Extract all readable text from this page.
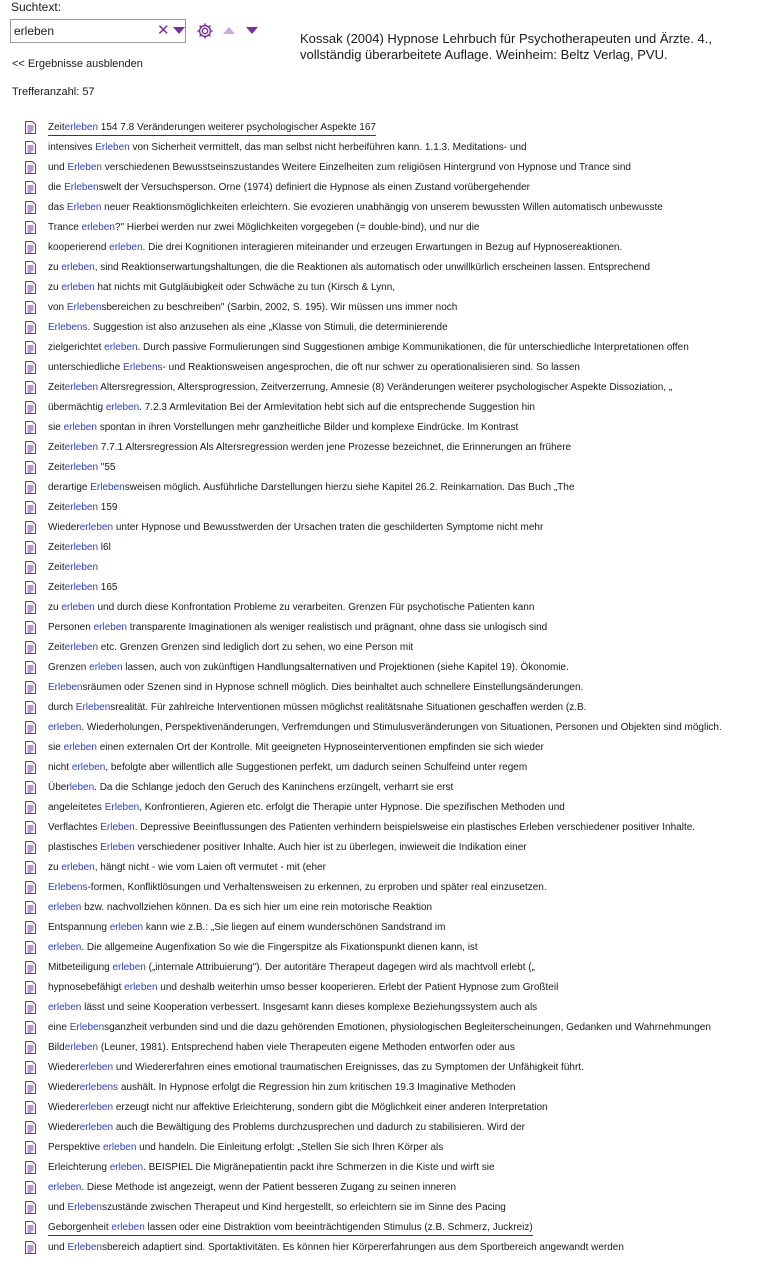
Suchtext:
erleben
✕	Kossak (2004) Hypnose Lehrbuch für Psychotherapeuten und Ärzte. 4., vollständig überarbeitete Auflage. Weinheim: Beltz Verlag, PVU.
<< Ergebnisse ausblenden
Trefferanzahl: 57
Zeiterleben 154 7.8 Veränderungen weiterer psychologischer Aspekte 167
intensives Erleben von Sicherheit vermittelt, das man selbst nicht herbeiführen kann. 1.1.3. Meditations- und
und Erleben verschiedenen Bewusstseinszustandes Weitere Einzelheiten zum religiösen Hintergrund von Hypnose und Trance sind
die Erlebenswelt der Versuchsperson. Orne (1974) definiert die Hypnose als einen Zustand vorübergehender
das Erleben neuer Reaktionsmöglichkeiten erleichtern. Sie evozieren unabhängig von unserem bewussten Willen automatisch unbewusste
Trance erleben?" Hierbei werden nur zwei Möglichkeiten vorgegeben (= double-bind), und nur die
kooperierend erleben. Die drei Kognitionen interagieren miteinander und erzeugen Erwartungen in Bezug auf Hypnosereaktionen.
zu erleben, sind Reaktionserwartungshaltungen, die die Reaktionen als automatisch oder unwillkürlich erscheinen lassen. Entsprechend
zu erleben hat nichts mit Gutgläubigkeit oder Schwäche zu tun (Kirsch & Lynn,
von Erlebensbereichen zu beschreiben" (Sarbin, 2002, S. 195). Wir müssen uns immer noch
Erlebens. Suggestion ist also anzusehen als eine „Klasse von Stimuli, die determinierende
zielgerichtet erleben. Durch passive Formulierungen sind Suggestionen ambige Kommunikationen, die für unterschiedliche Interpretationen offen
unterschiedliche Erlebens- und Reaktionsweisen angesprochen, die oft nur schwer zu operationalisieren sind. So lassen
Zeiterleben Altersregression, Altersprogression, Zeitverzerrung, Amnesie (8) Veränderungen weiterer psychologischer Aspekte Dissoziation, „
übermächtig erleben. 7.2.3 Armlevitation Bei der Armlevitation hebt sich auf die entsprechende Suggestion hin
sie erleben spontan in ihren Vorstellungen mehr ganzheitliche Bilder und komplexe Eindrücke. Im Kontrast
Zeiterleben 7.7.1 Altersregression Als Altersregression werden jene Prozesse bezeichnet, die Erinnerungen an frühere
Zeiterleben "55
derartige Erlebensweisen möglich. Ausführliche Darstellungen hierzu siehe Kapitel 26.2. Reinkarnation. Das Buch „The
Zeiterleben 159
Wiedererleben unter Hypnose und Bewusstwerden der Ursachen traten die geschilderten Symptome nicht mehr
Zeiterleben l6l
Zeiterleben
Zeiterleben 165
zu erleben und durch diese Konfrontation Probleme zu verarbeiten. Grenzen Für psychotische Patienten kann
Personen erleben transparente Imaginationen als weniger realistisch und prägnant, ohne dass sie unlogisch sind
Zeiterleben etc. Grenzen Grenzen sind lediglich dort zu sehen, wo eine Person mit
Grenzen erleben lassen, auch von zukünftigen Handlungsalternativen und Projektionen (siehe Kapitel 19). Ökonomie.
Erlebensräumen oder Szenen sind in Hypnose schnell möglich. Dies beinhaltet auch schnellere Einstellungsänderungen.
durch Erlebensrealität. Für zahlreiche Interventionen müssen möglichst realitätsnahe Situationen geschaffen werden (z.B.
erleben. Wiederholungen, Perspektivenänderungen, Verfremdungen und Stimulusveränderungen von Situationen, Personen und Objekten sind möglich.
sie erleben einen externalen Ort der Kontrolle. Mit geeigneten Hypnoseinterventionen empfinden sie sich wieder
nicht erleben, befolgte aber willentlich alle Suggestionen perfekt, um dadurch seinen Schulfeind unter regem
Überleben. Da die Schlange jedoch den Geruch des Kaninchens erzüngelt, verharrt sie erst
angeleitetes Erleben, Konfrontieren, Agieren etc. erfolgt die Therapie unter Hypnose. Die spezifischen Methoden und
Verflachtes Erleben. Depressive Beeinflussungen des Patienten verhindern beispielsweise ein plastisches Erleben verschiedener positiver Inhalte.
plastisches Erleben verschiedener positiver Inhalte. Auch hier ist zu überlegen, inwieweit die Indikation einer
zu erleben, hängt nicht - wie vom Laien oft vermutet - mit (eher
Erlebens-formen, Konfliktlösungen und Verhaltensweisen zu erkennen, zu erproben und später real einzusetzen.
erleben bzw. nachvollziehen können. Da es sich hier um eine rein motorische Reaktion
Entspannung erleben kann wie z.B.: „Sie liegen auf einem wunderschönen Sandstrand im
erleben. Die allgemeine Augenfixation So wie die Fingerspitze als Fixationspunkt dienen kann, ist
Mitbeteiligung erleben („internale Attribuierung"). Der autoritäre Therapeut dagegen wird als machtvoll erlebt („
hypnosebefähigt erleben und deshalb weiterhin umso besser kooperieren. Erlebt der Patient Hypnose zum Großteil
erleben lässt und seine Kooperation verbessert. Insgesamt kann dieses komplexe Beziehungssystem auch als
eine Erlebensganzheit verbunden sind und die dazu gehörenden Emotionen, physiologischen Begleiterscheinungen, Gedanken und Wahrnehmungen
Bilderleben (Leuner, 1981). Entsprechend haben viele Therapeuten eigene Methoden entworfen oder aus
Wiedererleben und Wiedererfahren eines emotional traumatischen Ereignisses, das zu Symptomen der Unfähigkeit führt.
Wiedererlebens aushält. In Hypnose erfolgt die Regression hin zum kritischen 19.3 Imaginative Methoden
Wiedererleben erzeugt nicht nur affektive Erleichterung, sondern gibt die Möglichkeit einer anderen Interpretation
Wiedererleben auch die Bewältigung des Problems durchzusprechen und dadurch zu stabilisieren. Wird der
Perspektive erleben und handeln. Die Einleitung erfolgt: „Stellen Sie sich Ihren Körper als
Erleichterung erleben. BEISPIEL Die Migränepatientin packt ihre Schmerzen in die Kiste und wirft sie
erleben. Diese Methode ist angezeigt, wenn der Patient besseren Zugang zu seinen inneren
und Erlebenszustände zwischen Therapeut und Kind hergestellt, so erleichtern sie im Sinne des Pacing
Geborgenheit erleben lassen oder eine Distraktion vom beeinträchtigenden Stimulus (z.B. Schmerz, Juckreiz)
und Erlebensbereich adaptiert sind. Sportaktivitäten. Es können hier Körpererfahrungen aus dem Sportbereich angewandt werden
